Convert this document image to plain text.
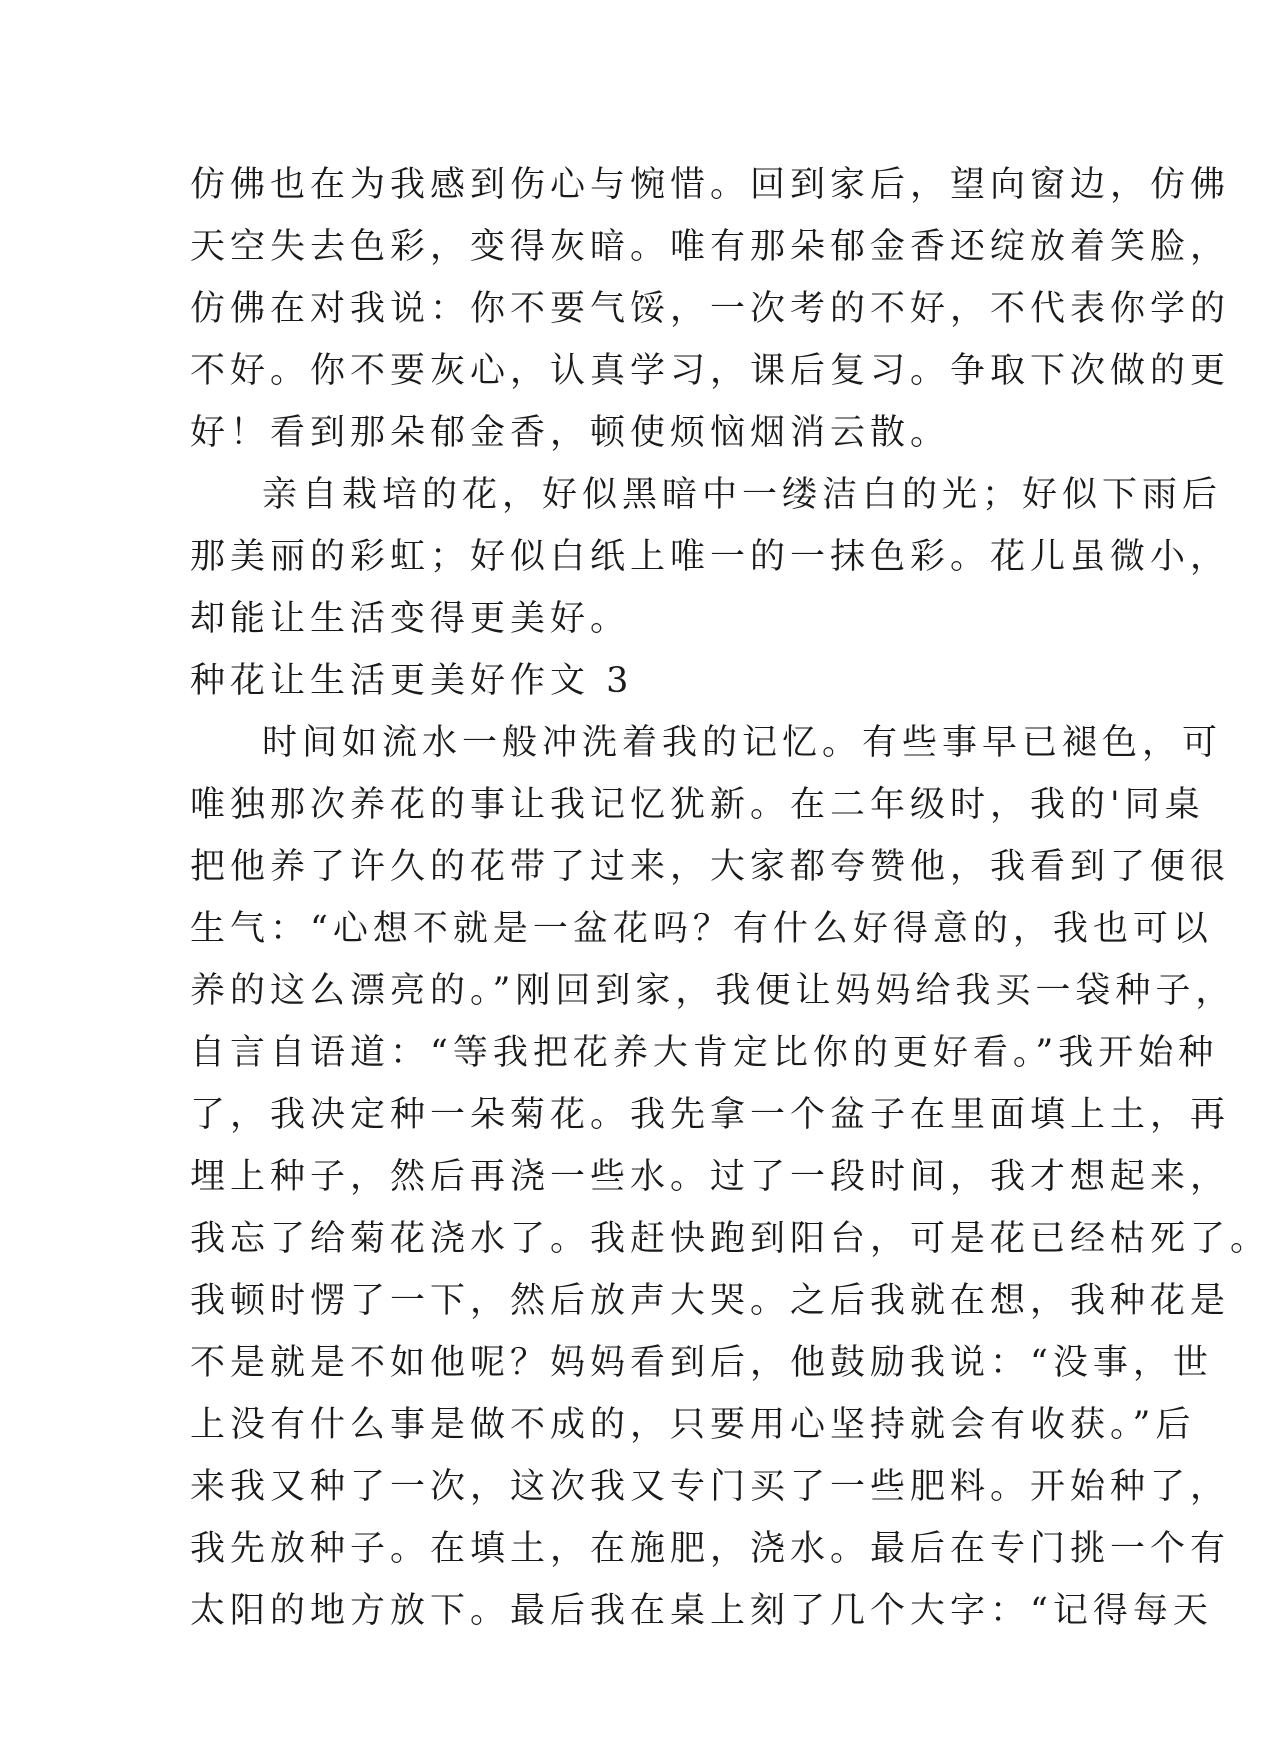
仿佛也在为我感到伤心与惋惜。回到家后，望向窗边，仿佛
天空失去色彩，变得灰暗。唯有那朵郁金香还绽放着笑脸，
仿佛在对我说：你不要气馁，一次考的不好，不代表你学的
不好。你不要灰心，认真学习，课后复习。争取下次做的更
好！看到那朵郁金香，顿使烦恼烟消云散。
亲自栽培的花，好似黑暗中一缕洁白的光；好似下雨后
那美丽的彩虹；好似白纸上唯一的一抹色彩。花儿虽微小，
却能让生活变得更美好。
种花让生活更美好作文 3
时间如流水一般冲洗着我的记忆。有些事早已褪色，可
唯独那次养花的事让我记忆犹新。在二年级时，我的'同桌
把他养了许久的花带了过来，大家都夸赞他，我看到了便很
生气：“心想不就是一盆花吗？有什么好得意的，我也可以
养的这么漂亮的。”刚回到家，我便让妈妈给我买一袋种子，
自言自语道：“等我把花养大肯定比你的更好看。”我开始种
了，我决定种一朵菊花。我先拿一个盆子在里面填上土，再
埋上种子，然后再浇一些水。过了一段时间，我才想起来，
我忘了给菊花浇水了。我赶快跑到阳台，可是花已经枯死了。
我顿时愣了一下，然后放声大哭。之后我就在想，我种花是
不是就是不如他呢？妈妈看到后，他鼓励我说：“没事，世
上没有什么事是做不成的，只要用心坚持就会有收获。”后
来我又种了一次，这次我又专门买了一些肥料。开始种了，
我先放种子。在填土，在施肥，浇水。最后在专门挑一个有
太阳的地方放下。最后我在桌上刻了几个大字：“记得每天
